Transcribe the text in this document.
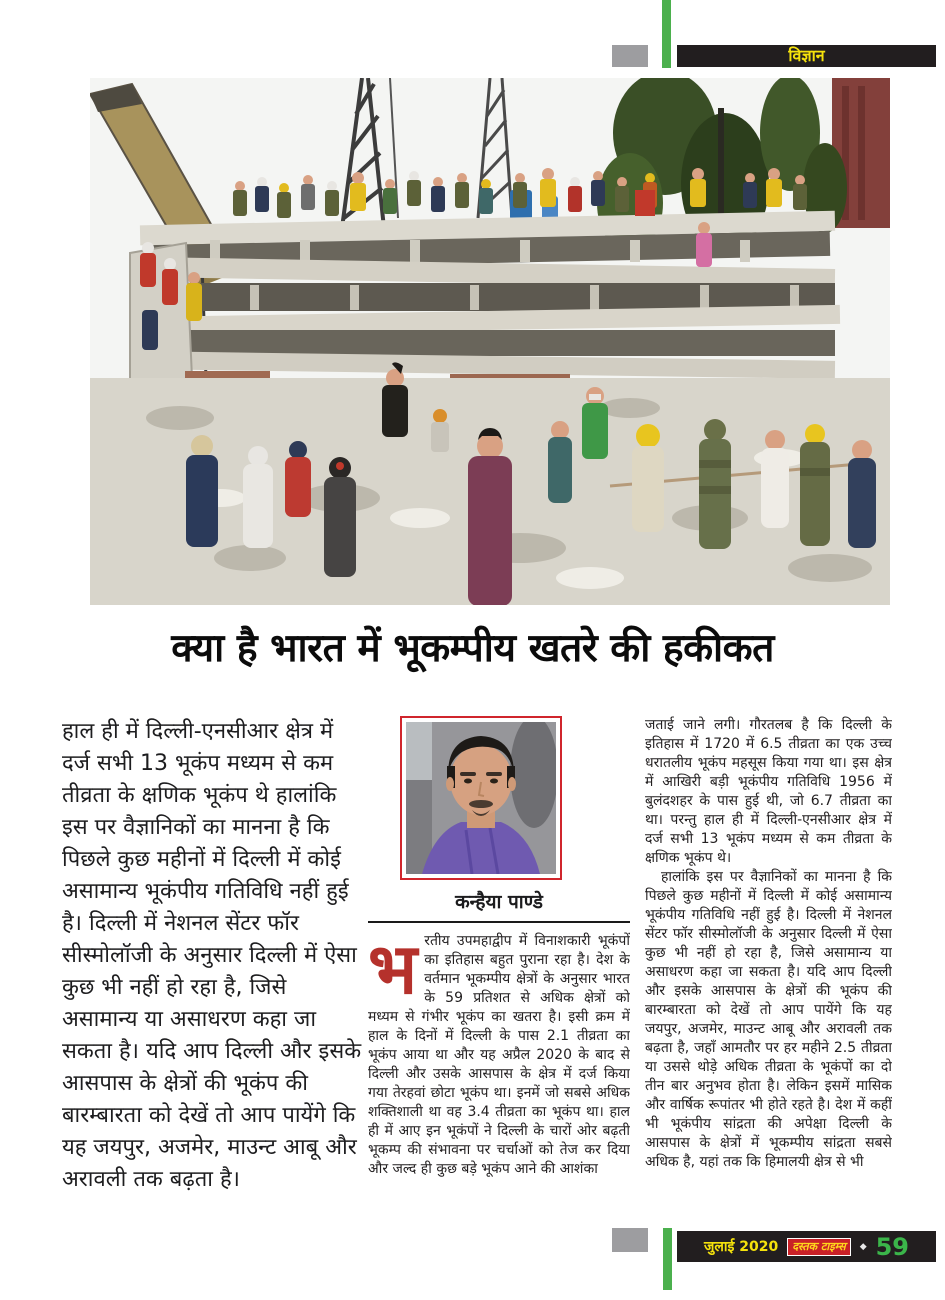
विज्ञान
क्या है भारत में भूकम्पीय खतरे की हकीकत

हाल ही में दिल्ली-एनसीआर क्षेत्र में दर्ज सभी 13 भूकंप मध्यम से कम तीव्रता के क्षणिक भूकंप थे हालांकि इस पर वैज्ञानिकों का मानना है कि पिछले कुछ महीनों में दिल्ली में कोई असामान्य भूकंपीय गतिविधि नहीं हुई है। दिल्ली में नेशनल सेंटर फॉर सीस्मोलॉजी के अनुसार दिल्ली में ऐसा कुछ भी नहीं हो रहा है, जिसे असामान्य या असाधरण कहा जा सकता है। यदि आप दिल्ली और इसके आसपास के क्षेत्रों की भूकंप की बारम्बारता को देखें तो आप पायेंगे कि यह जयपुर, अजमेर, माउन्ट आबू और अरावली तक बढ़ता है।

कन्हैया पाण्डे
भरतीय उपमहाद्वीप में विनाशकारी भूकंपों का इतिहास बहुत पुराना रहा है। देश के वर्तमान भूकम्पीय क्षेत्रों के अनुसार भारत के 59 प्रतिशत से अधिक क्षेत्रों को मध्यम से गंभीर भूकंप का खतरा है। इसी क्रम में हाल के दिनों में दिल्ली के पास 2.1 तीव्रता का भूकंप आया था और यह अप्रैल 2020 के बाद से दिल्ली और उसके आसपास के क्षेत्र में दर्ज किया गया तेरहवां छोटा भूकंप था। इनमें जो सबसे अधिक शक्तिशाली था वह 3.4 तीव्रता का भूकंप था। हाल ही में आए इन भूकंपों ने दिल्ली के चारों ओर बढ़ती भूकम्प की संभावना पर चर्चाओं को तेज कर दिया और जल्द ही कुछ बड़े भूकंप आने की आशंका

जताई जाने लगी। गौरतलब है कि दिल्ली के इतिहास में 1720 में 6.5 तीव्रता का एक उच्च धरातलीय भूकंप महसूस किया गया था। इस क्षेत्र में आखिरी बड़ी भूकंपीय गतिविधि 1956 में बुलंदशहर के पास हुई थी, जो 6.7 तीव्रता का था। परन्तु हाल ही में दिल्ली-एनसीआर क्षेत्र में दर्ज सभी 13 भूकंप मध्यम से कम तीव्रता के क्षणिक भूकंप थे।

हालांकि इस पर वैज्ञानिकों का मानना है कि पिछले कुछ महीनों में दिल्ली में कोई असामान्य भूकंपीय गतिविधि नहीं हुई है। दिल्ली में नेशनल सेंटर फॉर सीस्मोलॉजी के अनुसार दिल्ली में ऐसा कुछ भी नहीं हो रहा है, जिसे असामान्य या असाधरण कहा जा सकता है। यदि आप दिल्ली और इसके आसपास के क्षेत्रों की भूकंप की बारम्बारता को देखें तो आप पायेंगे कि यह जयपुर, अजमेर, माउन्ट आबू और अरावली तक बढ़ता है, जहाँ आमतौर पर हर महीने 2.5 तीव्रता या उससे थोड़े अधिक तीव्रता के भूकंपों का दो तीन बार अनुभव होता है। लेकिन इसमें मासिक और वार्षिक रूपांतर भी होते रहते है। देश में कहीं भी भूकंपीय सांद्रता की अपेक्षा दिल्ली के आसपास के क्षेत्रों में भूकम्पीय सांद्रता सबसे अधिक है, यहां तक कि हिमालयी क्षेत्र से भी

जुलाई 2020	दस्तक टाइम्स	◆ 59
